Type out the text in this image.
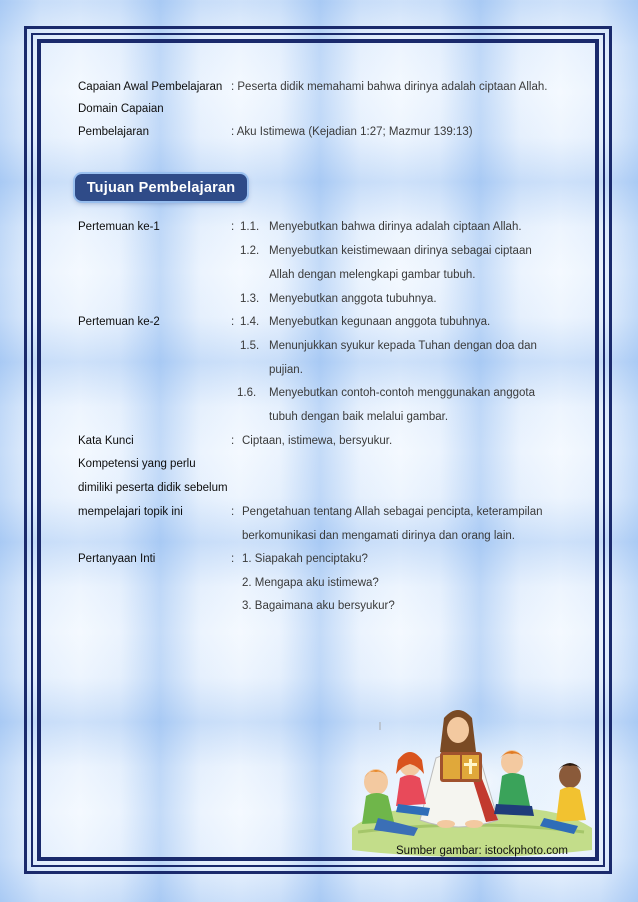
Capaian Awal Pembelajaran : Peserta didik memahami bahwa dirinya adalah ciptaan Allah.
Domain Capaian
Pembelajaran	: Aku Istimewa (Kejadian 1:27; Mazmur 139:13)
Tujuan Pembelajaran
Pertemuan ke-1	: 1.1. Menyebutkan bahwa dirinya adalah ciptaan Allah.
1.2. Menyebutkan keistimewaan dirinya sebagai ciptaan
Allah dengan melengkapi gambar tubuh.
1.3. Menyebutkan anggota tubuhnya.
Pertemuan ke-2	: 1.4. Menyebutkan kegunaan anggota tubuhnya.
1.5. Menunjukkan syukur kepada Tuhan dengan doa dan
pujian.
1.6. Menyebutkan contoh-contoh menggunakan anggota
tubuh dengan baik melalui gambar.
Kata Kunci	: Ciptaan, istimewa, bersyukur.
Kompetensi yang perlu
dimiliki peserta didik sebelum
mempelajari topik ini	: Pengetahuan tentang Allah sebagai pencipta, keterampilan
berkomunikasi dan mengamati dirinya dan orang lain.
Pertanyaan Inti	: 1. Siapakah penciptaku?
2. Mengapa aku istimewa?
3. Bagaimana aku bersyukur?
Sumber gambar: istockphoto.com
